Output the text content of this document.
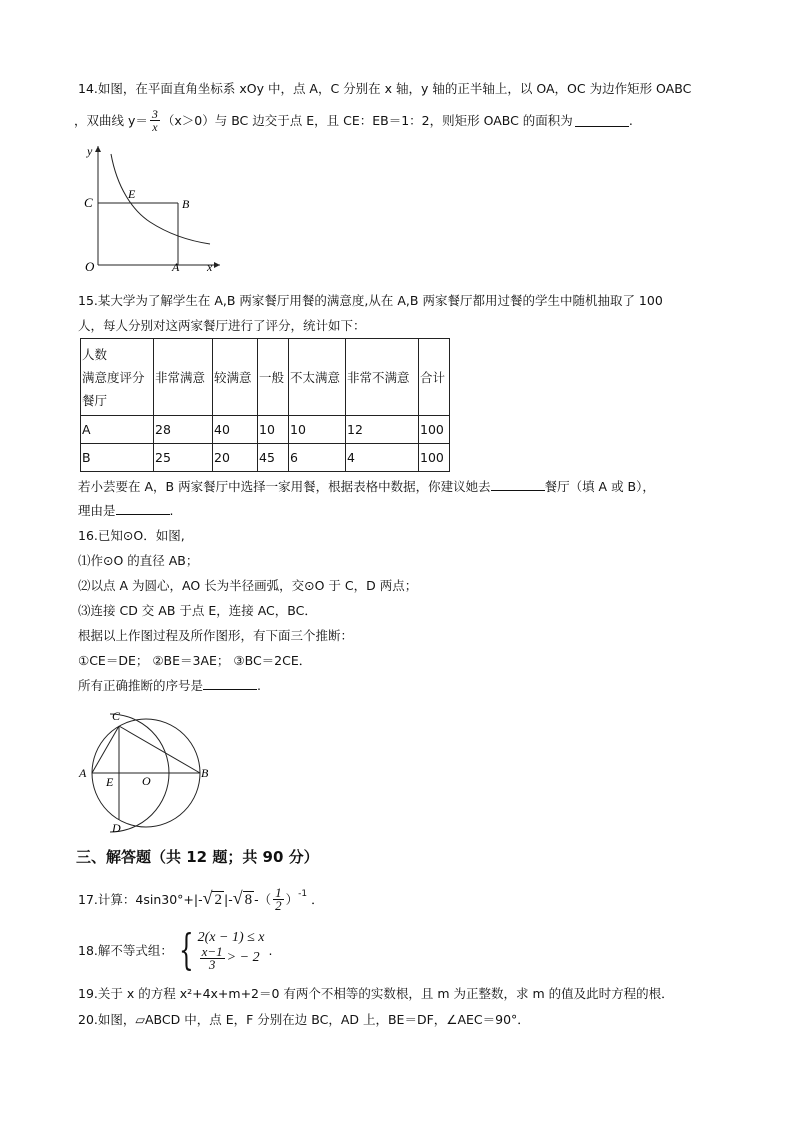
14.如图，在平面直角坐标系 xOy 中，点 A，C 分别在 x 轴，y 轴的正半轴上，以 OA，OC 为边作矩形 OABC
，双曲线 $y= \frac{3}{x} (x>0)$与 BC 边交于点 E，且 CE：EB＝1：2，则矩形 OABC 的面积为	.
y
C
E
B
O	A x
15.某大学为了解学生在 A,B 两家餐厅用餐的满意度,从在 A,B 两家餐厅都用过餐的学生中随机抽取了 100
人，每人分别对这两家餐厅进行了评分，统计如下：
人数
满意度评分
餐厅	非常满意	较满意	一般	不太满意	非常不满意	合计
A	28	40	10	10	12	100
B	25	20	45	6	4	100
若小芸要在 A，B 两家餐厅中选择一家用餐，根据表格中数据，你建议她去	餐厅（填 A 或 B），
理由是	.
16.已知⊙O．如图,
⑴作⊙O 的直径 AB；
⑵以点 A 为圆心，AO 长为半径画弧，交⊙O 于 C，D 两点；
⑶连接 CD 交 AB 于点 E，连接 AC，BC．
根据以上作图过程及所作图形，有下面三个推断：
①CE＝DE； ②BE＝3AE； ③BC＝2CE．
所有正确推断的序号是	.
C
A
E O
B
D
三、解答题（共 12 题；共 90 分）
17.计算：4sin30°+|- √ 2 |- √ 8 -（ $\frac{1}{2} )^{-1}$ ．
18.解不等式组： { 2(x − 1) ≤ x
$\frac{x-1}{3}$ > − 2 .
19.关于 x 的方程 x²+4x+m+2＝0 有两个不相等的实数根，且 m 为正整数，求 m 的值及此时方程的根．
20.如图，▱ABCD 中，点 E，F 分别在边 BC，AD 上，BE＝DF，∠AEC＝90°．
